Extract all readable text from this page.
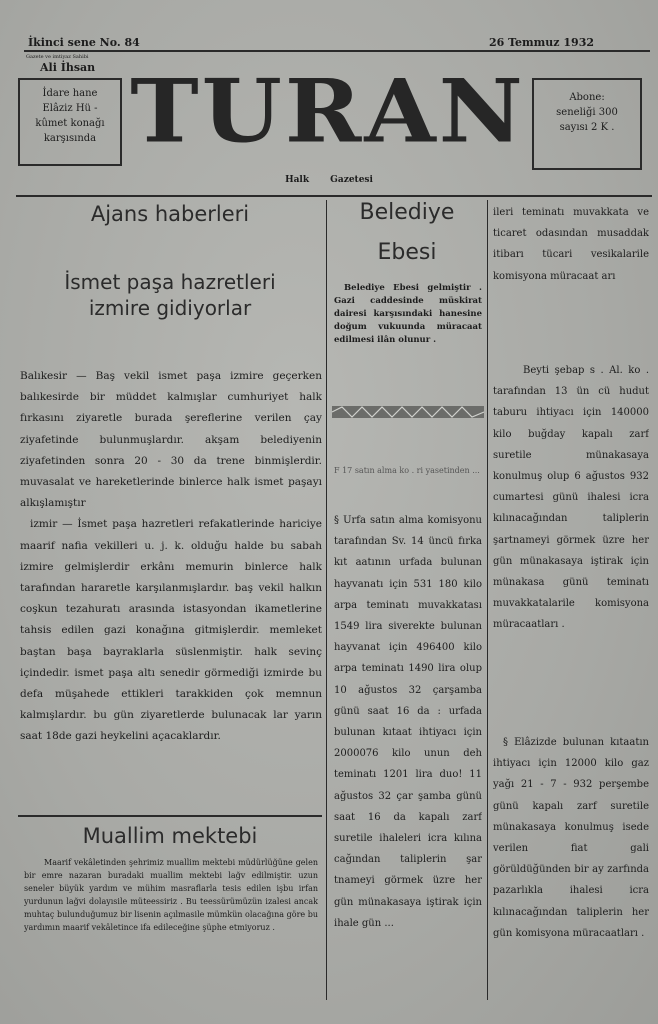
İkinci sene No. 84	26 Temmuz 1932
Gazete ve imtiyaz Sahibi
Ali İhsan
İdare hane
Elâziz Hü -
kûmet konağı
karşısında TURAN	Abone:
seneliği 300
sayısı 2 K .
Halk Gazetesi
Ajans haberleri
İsmet paşa hazretleri
izmire gidiyorlar

Balıkesir — Baş vekil ismet paşa izmire geçerken balıkesirde bir müddet kalmışlar cumhuriyet halk fırkasını ziyaretle burada şereflerine verilen çay ziyafetinde bulunmuşlardır. akşam belediyenin ziyafetinden sonra 20 - 30 da trene binmişlerdir. muvasalat ve hareketlerinde binlerce halk ismet paşayı alkışlamıştır

izmir — İsmet paşa hazretleri refakatlerinde hariciye maarif nafia vekilleri u. j. k. olduğu halde bu sabah izmire gelmişlerdir erkânı memurin binlerce halk tarafından hararetle karşılanmışlardır. baş vekil halkın coşkun tezahuratı arasında istasyondan ikametlerine tahsis edilen gazi konağına gitmişlerdir. memleket baştan başa bayraklarla süslenmiştir. halk sevinç içindedir. ismet paşa altı senedir görmediği izmirde bu defa müşahede ettikleri tarakkiden çok memnun kalmışlardır. bu gün ziyaretlerde bulunacak lar yarın saat 18de gazi heykelini açacaklardır.

Muallim mektebi
Maarif vekâletinden şehrimiz muallim mektebi müdürlüğüne gelen bir emre nazaran buradaki muallim mektebi lağv edilmiştir. uzun seneler büyük yardım ve mühim masraflarla tesis edilen işbu irfan yurdunun lağvi dolayısile müteessiriz . Bu teessürümüzün izalesi ancak muhtaç bulunduğumuz bir lisenin açılmasile mümkün olacağına göre bu yardımın maarif vekâletince ifa edileceğine şüphe etmiyoruz .
Belediye
Ebesi
Belediye Ebesi gelmiştir . Gazi caddesinde müskirat dairesi karşısındaki hanesine doğum vukuunda müracaat edilmesi ilân olunur .
F 17 satın alma ko . ri yasetinden ...
§ Urfa satın alma komisyonu tarafından Sv. 14 üncü fırka kıt aatının urfada bulunan hayvanatı için 531 180 kilo arpa teminatı muvakkatası 1549 lira siverekte bulunan hayvanat için 496400 kilo arpa teminatı 1490 lira olup 10 ağustos 32 çarşamba günü saat 16 da : urfada bulunan kıtaat ihtiyacı için 2000076 kilo unun deh teminatı 1201 lira duo! 11 ağustos 32 çar şamba günü saat 16 da kapalı zarf suretile ihaleleri icra kılına cağından taliplerin şar tnameyi görmek üzre her gün münakasaya iştirak için ihale gün ...
ileri teminatı muvakkata ve ticaret odasından musaddak itibarı tücari vesikalarile komisyona müracaat arı
Beyti şebap s . Al. ko . tarafından 13 ün cü hudut taburu ihtiyacı için 140000 kilo buğday kapalı zarf suretile münakasaya konulmuş olup 6 ağustos 932 cumartesi günü ihalesi icra kılınacağından taliplerin şartnameyi görmek üzre her gün münakasaya iştirak için münakasa günü teminatı muvakkatalarile komisyona müracaatları .
§ Elâzizde bulunan kıtaatın ihtiyacı için 12000 kilo gaz yağı 21 - 7 - 932 perşembe günü kapalı zarf suretile münakasaya konulmuş isede verilen fiat gali görüldüğünden bir ay zarfında pazarlıkla ihalesi icra kılınacağından taliplerin her gün komisyona müracaatları .
